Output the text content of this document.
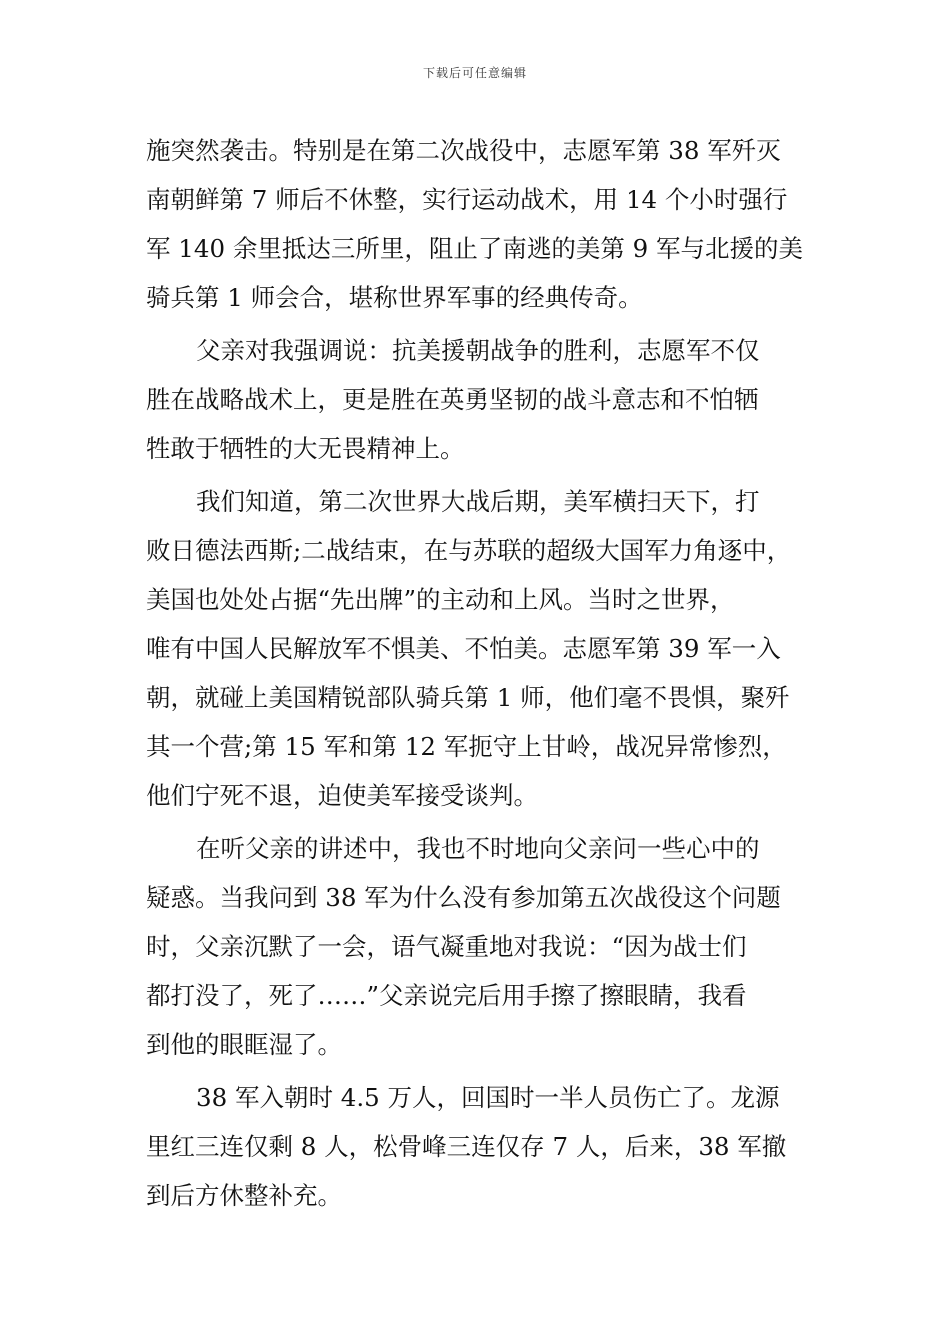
下载后可任意编辑
施突然袭击。特别是在第二次战役中，志愿军第 38 军歼灭
南朝鲜第 7 师后不休整，实行运动战术，用 14 个小时强行
军 140 余里抵达三所里，阻止了南逃的美第 9 军与北援的美
骑兵第 1 师会合，堪称世界军事的经典传奇。
父亲对我强调说：抗美援朝战争的胜利，志愿军不仅
胜在战略战术上，更是胜在英勇坚韧的战斗意志和不怕牺
牲敢于牺牲的大无畏精神上。
我们知道，第二次世界大战后期，美军横扫天下，打
败日德法西斯;二战结束，在与苏联的超级大国军力角逐中，
美国也处处占据“先出牌”的主动和上风。当时之世界，
唯有中国人民解放军不惧美、不怕美。志愿军第 39 军一入
朝，就碰上美国精锐部队骑兵第 1 师，他们毫不畏惧，聚歼
其一个营;第 15 军和第 12 军扼守上甘岭，战况异常惨烈，
他们宁死不退，迫使美军接受谈判。
在听父亲的讲述中，我也不时地向父亲问一些心中的
疑惑。当我问到 38 军为什么没有参加第五次战役这个问题
时，父亲沉默了一会，语气凝重地对我说：“因为战士们
都打没了，死了……”父亲说完后用手擦了擦眼睛，我看
到他的眼眶湿了。
38 军入朝时 4.5 万人，回国时一半人员伤亡了。龙源
里红三连仅剩 8 人，松骨峰三连仅存 7 人，后来，38 军撤
到后方休整补充。
